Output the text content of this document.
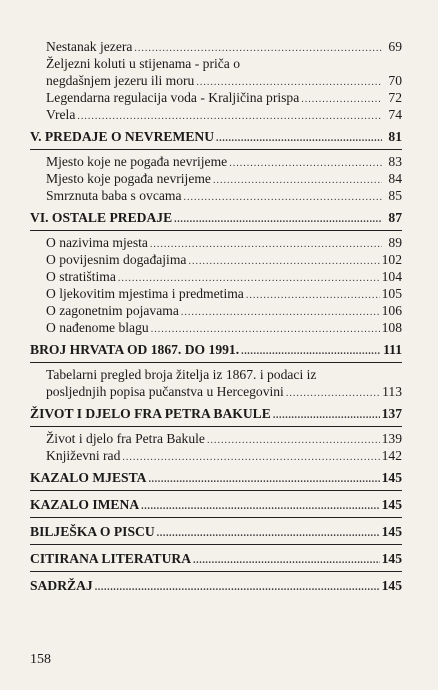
Nestanak jezera .....	69
Željezni koluti u stijenama - priča o
negdašnjem jezeru ili moru .....	70
Legendarna regulacija voda - Kraljičina prispa .....	72
Vrela .....	74
V. PREDAJE O NEVREMENU .....	81
Mjesto koje ne pogađa nevrijeme .....	83
Mjesto koje pogađa nevrijeme .....	84
Smrznuta baba s ovcama .....	85
VI. OSTALE PREDAJE .....	87
O nazivima mjesta .....	89
O povijesnim događajima .....	102
O stratištima .....	104
O ljekovitim mjestima i predmetima .....	105
O zagonetnim pojavama .....	106
O nađenome blagu .....	108
BROJ HRVATA OD 1867. DO 1991. .....	111
Tabelarni pregled broja žitelja iz 1867. i podaci iz
posljednjih popisa pučanstva u Hercegovini .....	113
ŽIVOT I DJELO FRA PETRA BAKULE .....	137
Život i djelo fra Petra Bakule .....	139
Književni rad .....	142
KAZALO MJESTA .....	145
KAZALO IMENA .....	145
BILJEŠKA O PISCU .....	145
CITIRANA LITERATURA .....	145
SADRŽAJ .....	145
158
